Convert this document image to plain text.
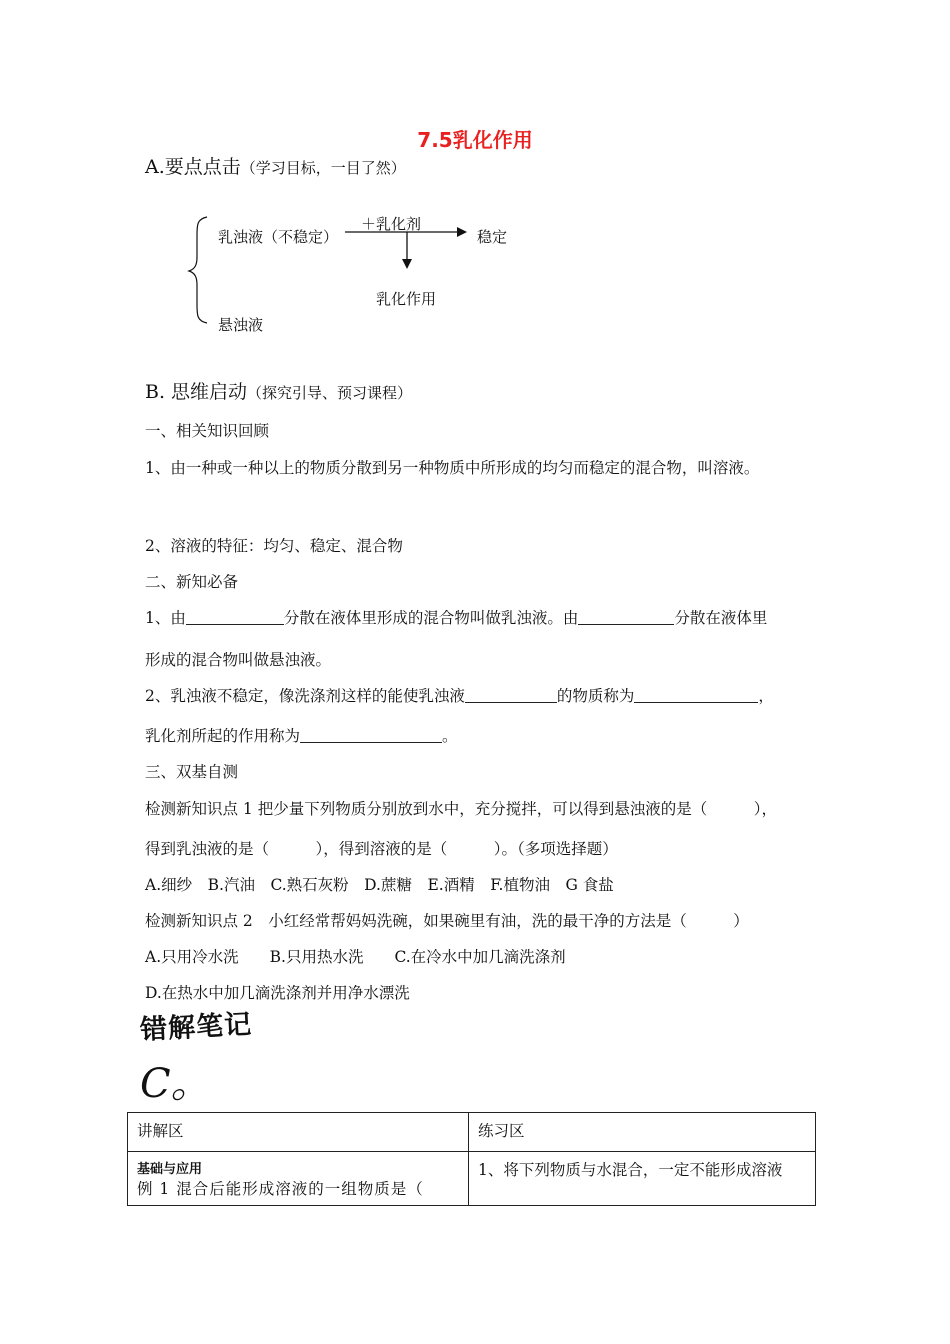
7.5乳化作用
A.要点点击（学习目标，一目了然）
乳浊液（不稳定）
＋乳化剂
稳定
乳化作用
悬浊液
B. 思维启动（探究引导、预习课程）
一、相关知识回顾
1、由一种或一种以上的物质分散到另一种物质中所形成的均匀而稳定的混合物，叫溶液。
2、溶液的特征：均匀、稳定、混合物
二、新知必备
1、由	分散在液体里形成的混合物叫做乳浊液。由	分散在液体里
形成的混合物叫做悬浊液。
2、乳浊液不稳定，像洗涤剂这样的能使乳浊液	的物质称为	，
乳化剂所起的作用称为	。
三、双基自测
检测新知识点 1 把少量下列物质分别放到水中，充分搅拌，可以得到悬浊液的是（　　　），
得到乳浊液的是（　　　），得到溶液的是（　　　）。（多项选择题）
A.细纱　B.汽油　C.熟石灰粉　D.蔗糖　E.酒精　F.植物油　G 食盐
检测新知识点 2　小红经常帮妈妈洗碗，如果碗里有油，洗的最干净的方法是（　　　）
A.只用冷水洗　　B.只用热水洗　　C.在冷水中加几滴洗涤剂
D.在热水中加几滴洗涤剂并用净水漂洗
错解笔记
C。
讲解区	练习区

基础与应用
例 1 混合后能形成溶液的一组物质是（	1、将下列物质与水混合，一定不能形成溶液
